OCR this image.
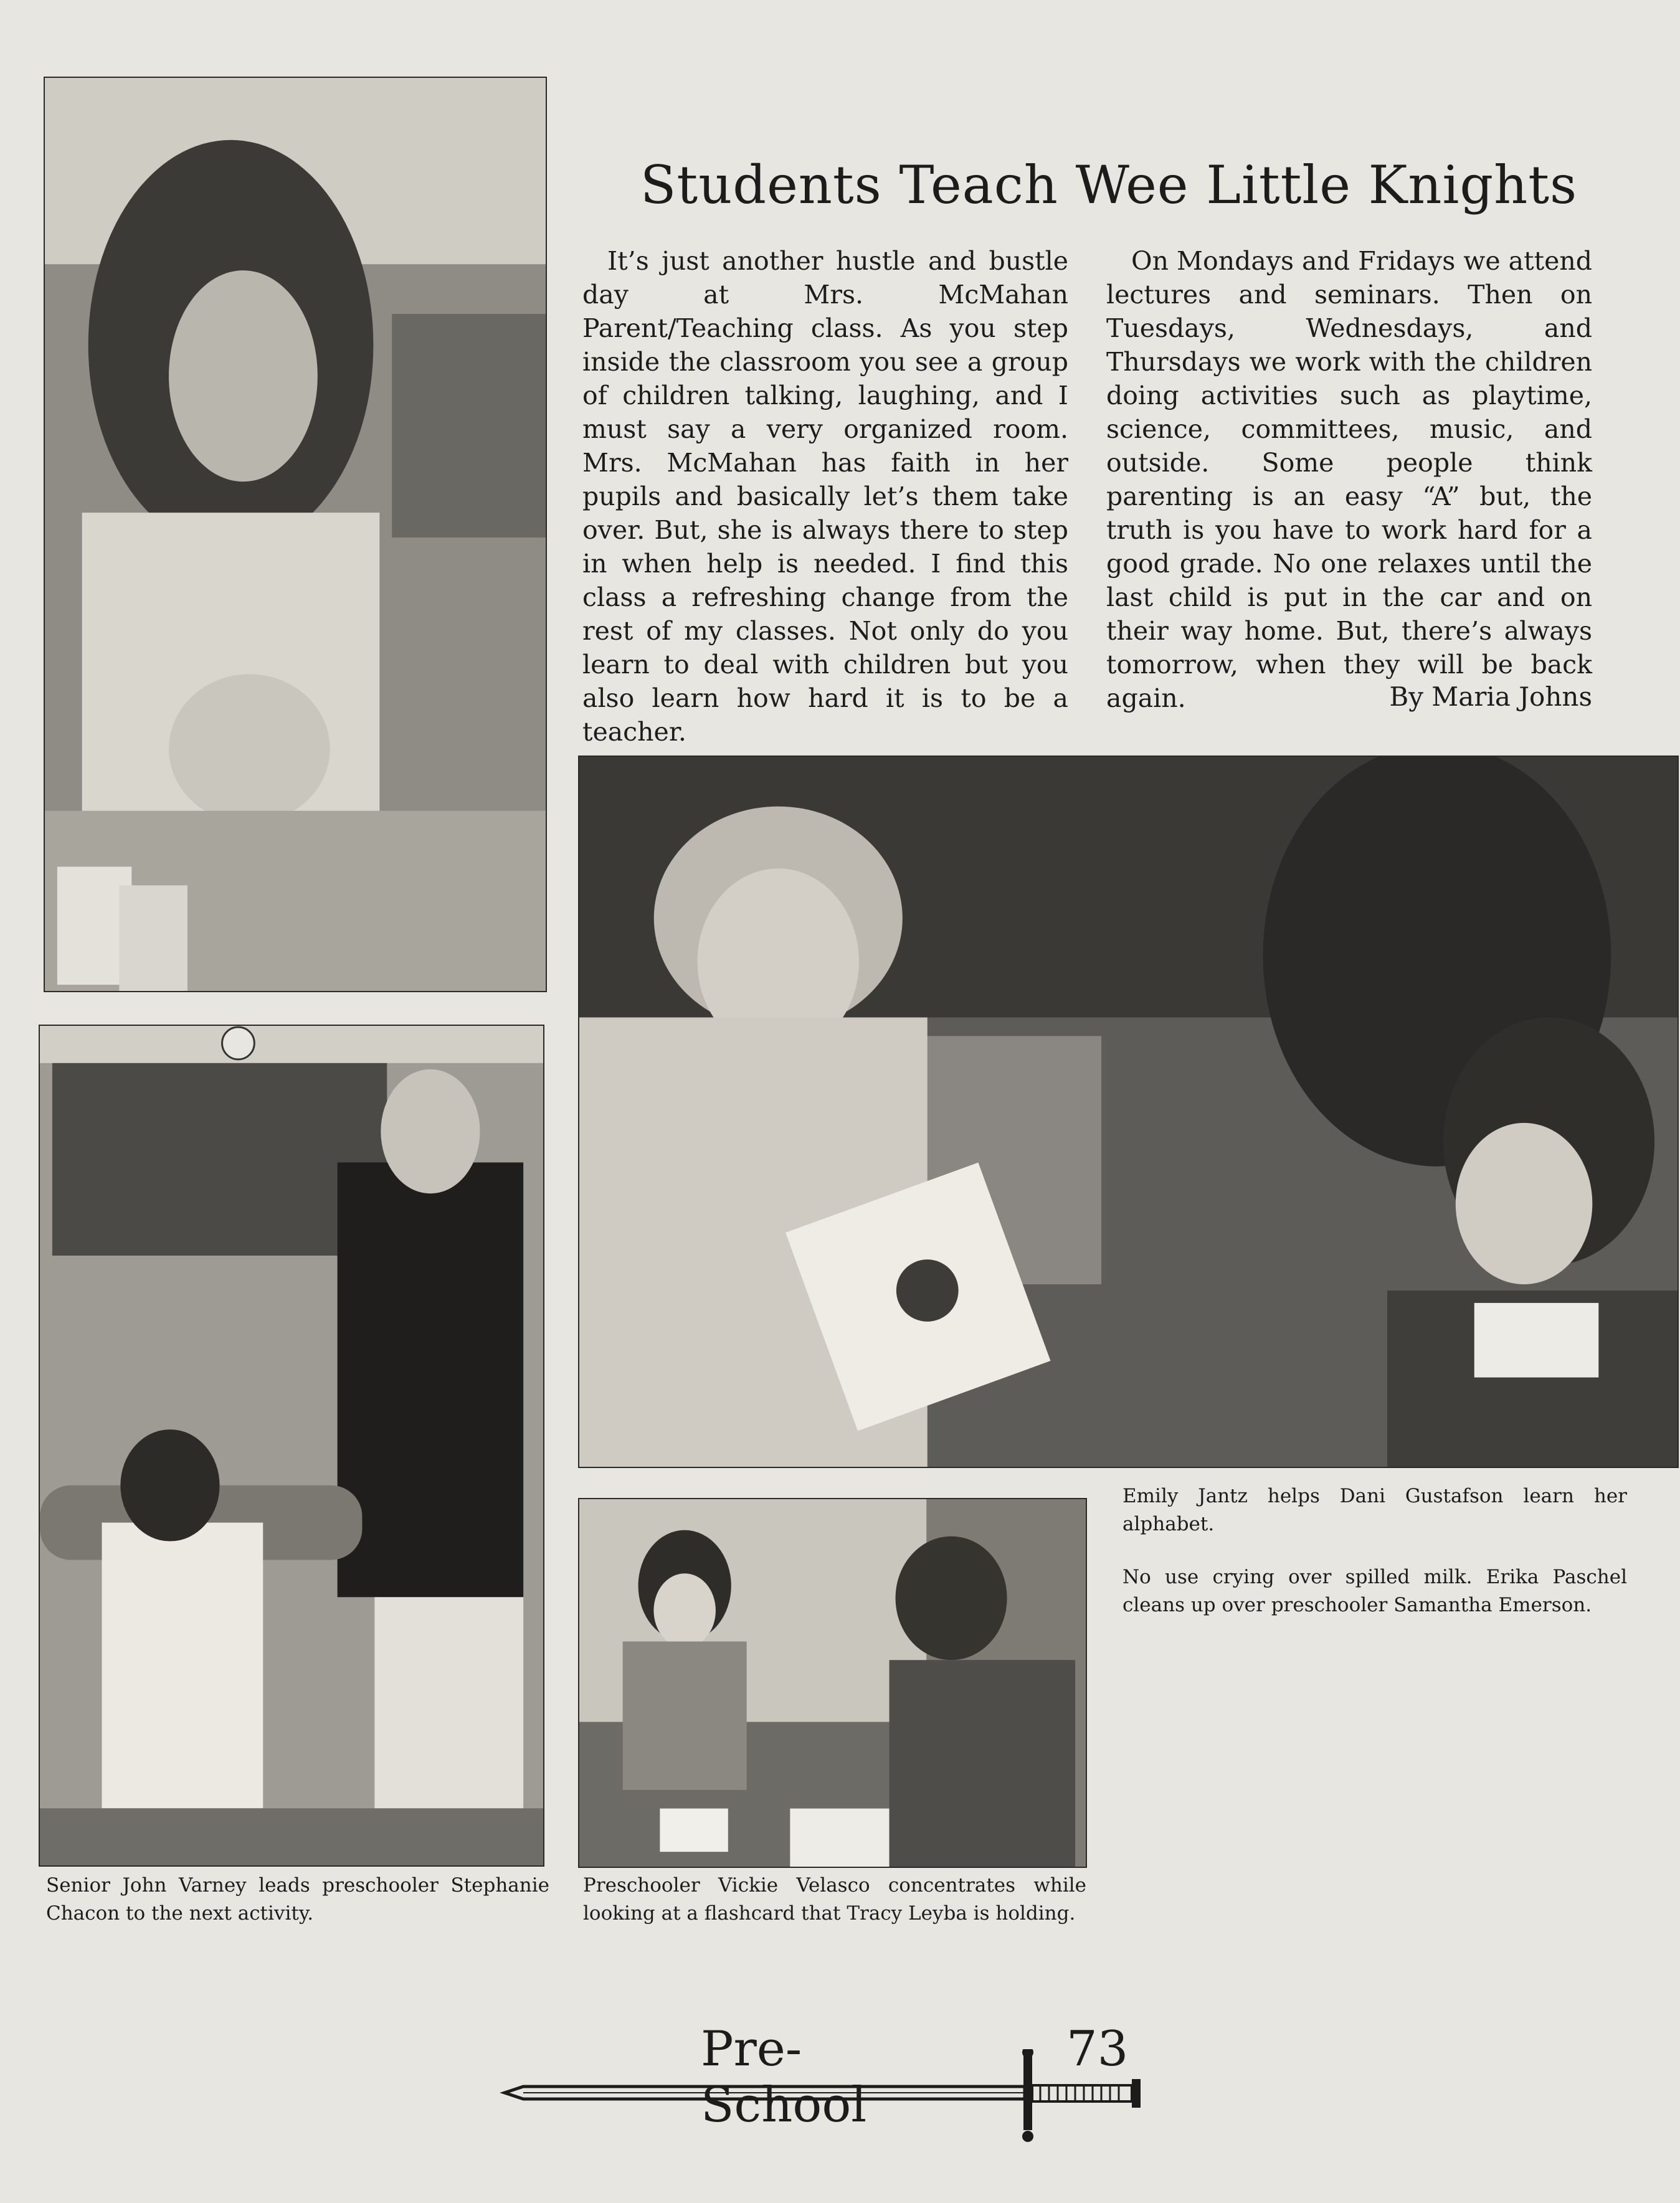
Students Teach Wee Little Knights

It’s just another hustle and bustle day at Mrs. McMahan Parent/Teaching class. As you step inside the classroom you see a group of children talking, laughing, and I must say a very organized room. Mrs. McMahan has faith in her pupils and basically let’s them take over. But, she is always there to step in when help is needed. I find this class a refreshing change from the rest of my classes. Not only do you learn to deal with children but you also learn how hard it is to be a teacher.

On Mondays and Fridays we attend lectures and seminars. Then on Tuesdays, Wednesdays, and Thursdays we work with the children doing activities such as playtime, science, committees, music, and outside. Some people think parenting is an easy “A” but, the truth is you have to work hard for a good grade. No one relaxes until the last child is put in the car and on their way home. But, there’s always tomorrow, when they will be back again.	By Maria Johns
Emily Jantz helps Dani Gustafson learn her alphabet.
No use crying over spilled milk. Erika Paschel cleans up over preschooler Samantha Emerson.
Senior John Varney leads preschooler Stephanie Chacon to the next activity.
Preschooler Vickie Velasco concentrates while looking at a flashcard that Tracy Leyba is holding.
Pre-School
73
